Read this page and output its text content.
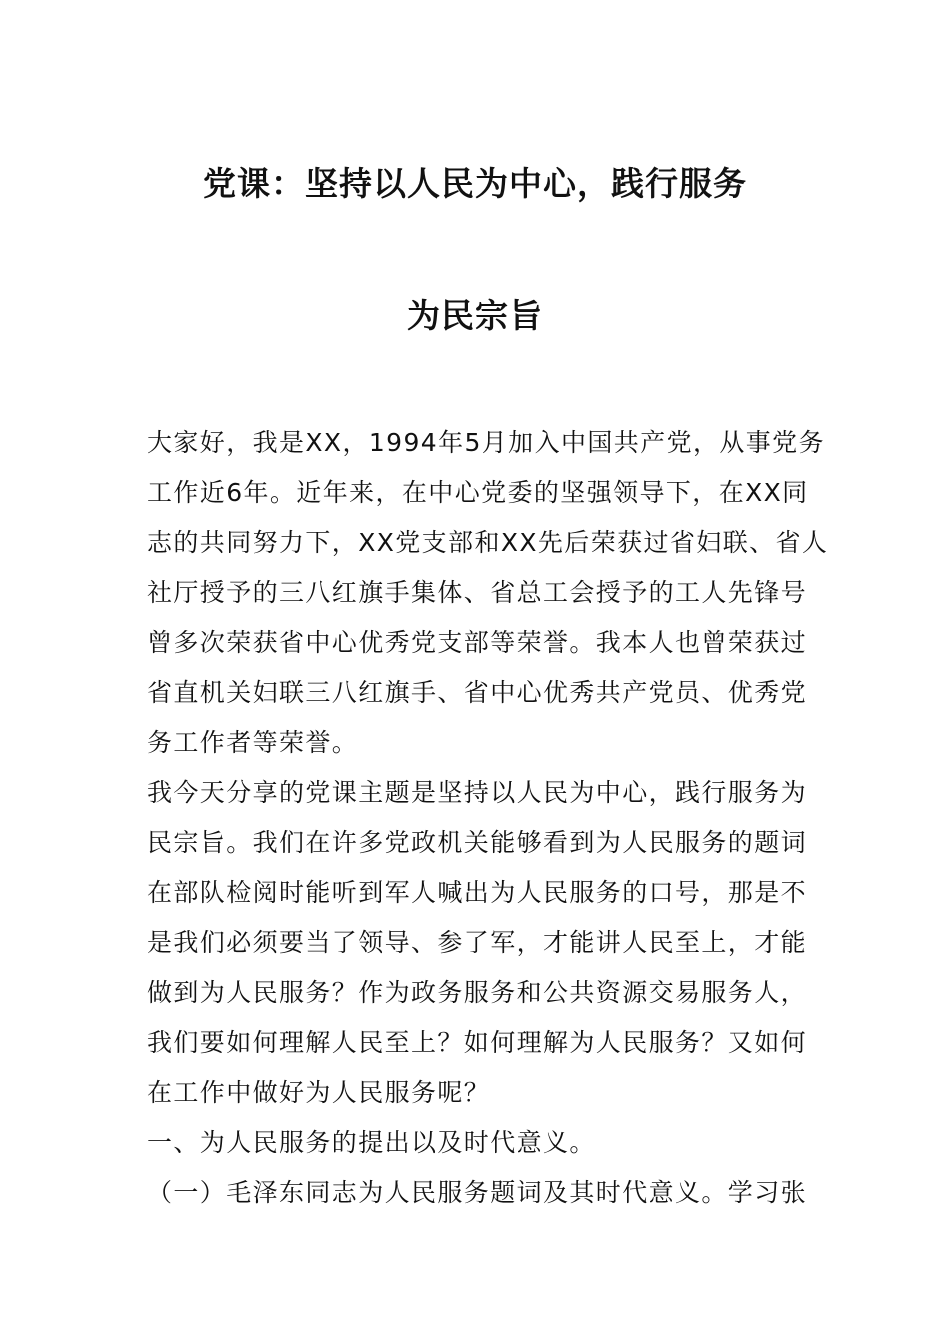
党课：坚持以人民为中心，践行服务
为民宗旨
大家好，我是XX，1994年5月加入中国共产党，从事党务
工作近6年。近年来，在中心党委的坚强领导下，在XX同
志的共同努力下，XX党支部和XX先后荣获过省妇联、省人
社厅授予的三八红旗手集体、省总工会授予的工人先锋号
曾多次荣获省中心优秀党支部等荣誉。我本人也曾荣获过
省直机关妇联三八红旗手、省中心优秀共产党员、优秀党
务工作者等荣誉。
我今天分享的党课主题是坚持以人民为中心，践行服务为
民宗旨。我们在许多党政机关能够看到为人民服务的题词
在部队检阅时能听到军人喊出为人民服务的口号，那是不
是我们必须要当了领导、参了军，才能讲人民至上，才能
做到为人民服务？作为政务服务和公共资源交易服务人，
我们要如何理解人民至上？如何理解为人民服务？又如何
在工作中做好为人民服务呢？
一、为人民服务的提出以及时代意义。
（一）毛泽东同志为人民服务题词及其时代意义。学习张
